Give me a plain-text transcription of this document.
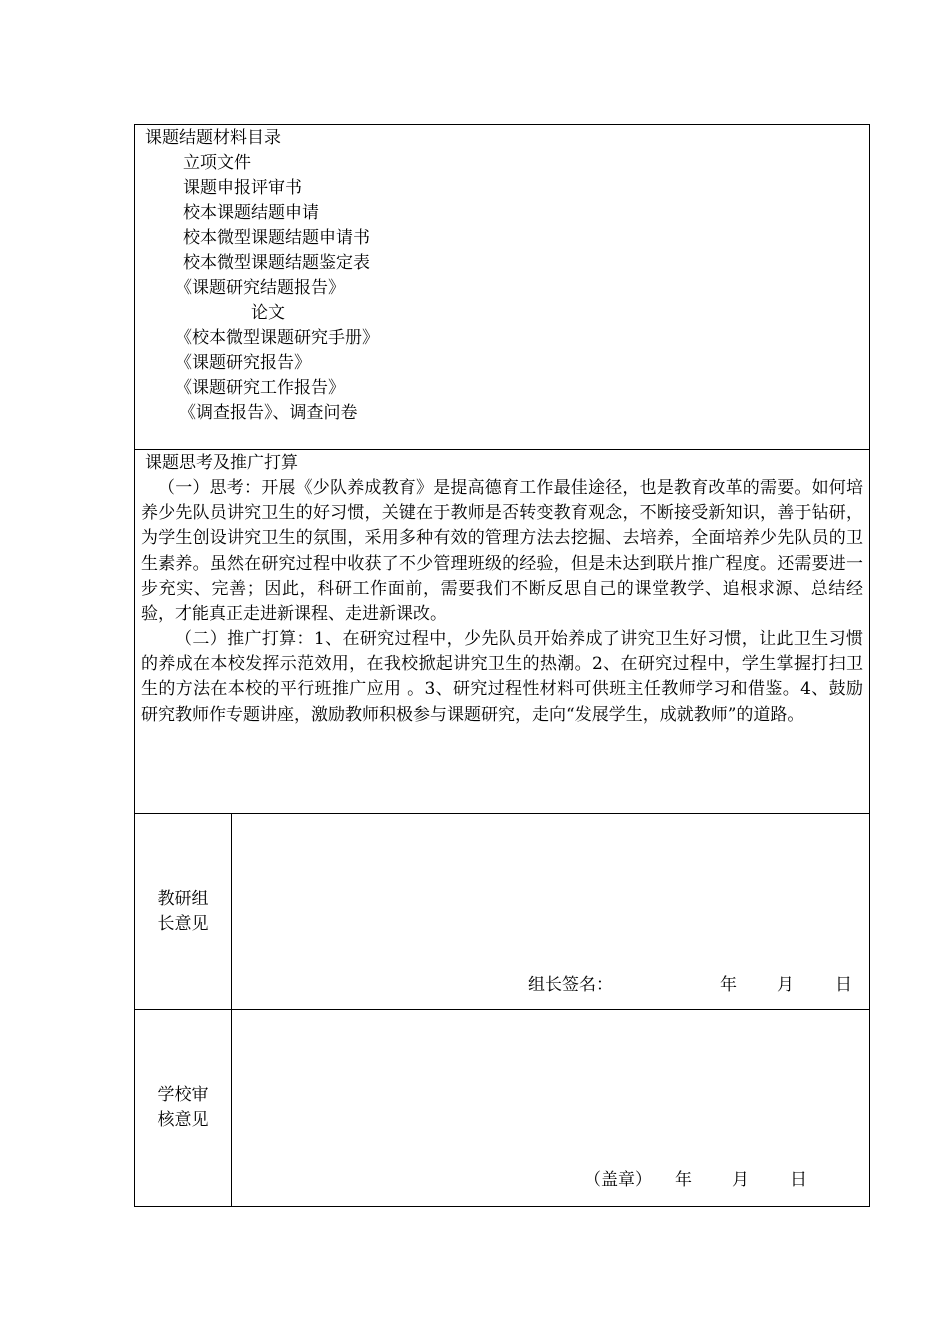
课题结题材料目录
立项文件
课题申报评审书
校本课题结题申请
校本微型课题结题申请书
校本微型课题结题鉴定表
《课题研究结题报告》
论文
《校本微型课题研究手册》
《课题研究报告》
《课题研究工作报告》
《调查报告》、调查问卷
课题思考及推广打算

（一）思考：开展《少队养成教育》是提高德育工作最佳途径，也是教育改革的需要。如何培养少先队员讲究卫生的好习惯，关键在于教师是否转变教育观念，不断接受新知识，善于钻研，为学生创设讲究卫生的氛围，采用多种有效的管理方法去挖掘、去培养，全面培养少先队员的卫生素养。虽然在研究过程中收获了不少管理班级的经验，但是未达到联片推广程度。还需要进一步充实、完善；因此，科研工作面前，需要我们不断反思自己的课堂教学、追根求源、总结经验，才能真正走进新课程、走进新课改。

（二）推广打算：1、在研究过程中，少先队员开始养成了讲究卫生好习惯，让此卫生习惯的养成在本校发挥示范效用，在我校掀起讲究卫生的热潮。2、在研究过程中，学生掌握打扫卫生的方法在本校的平行班推广应用 。3、研究过程性材料可供班主任教师学习和借鉴。4、鼓励研究教师作专题讲座，激励教师积极参与课题研究，走向“发展学生，成就教师”的道路。

教研组长意见
组长签名：	年 月 日
学校审核意见
（盖章） 年 月 日
